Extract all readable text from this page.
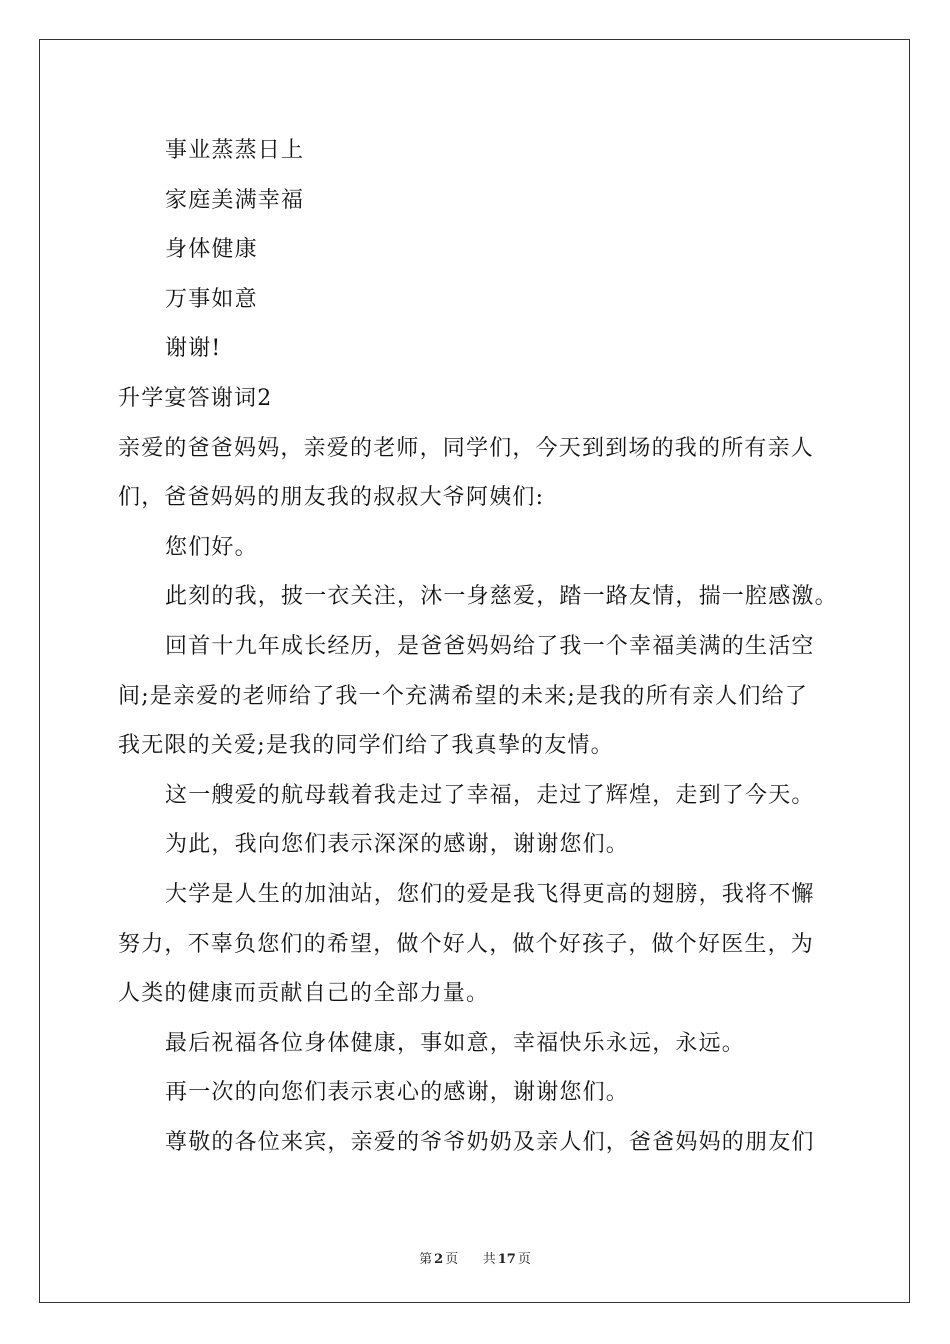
事业蒸蒸日上
家庭美满幸福
身体健康
万事如意
谢谢!
升学宴答谢词2
亲爱的爸爸妈妈，亲爱的老师，同学们，今天到到场的我的所有亲人
们，爸爸妈妈的朋友我的叔叔大爷阿姨们:
您们好。
此刻的我，披一衣关注，沐一身慈爱，踏一路友情，揣一腔感激。
回首十九年成长经历，是爸爸妈妈给了我一个幸福美满的生活空
间;是亲爱的老师给了我一个充满希望的未来;是我的所有亲人们给了
我无限的关爱;是我的同学们给了我真挚的友情。
这一艘爱的航母载着我走过了幸福，走过了辉煌，走到了今天。
为此，我向您们表示深深的感谢，谢谢您们。
大学是人生的加油站，您们的爱是我飞得更高的翅膀，我将不懈
努力，不辜负您们的希望，做个好人，做个好孩子，做个好医生，为
人类的健康而贡献自己的全部力量。
最后祝福各位身体健康，事如意，幸福快乐永远，永远。
再一次的向您们表示衷心的感谢，谢谢您们。
尊敬的各位来宾，亲爱的爷爷奶奶及亲人们，爸爸妈妈的朋友们
第 2 页 共 17 页
